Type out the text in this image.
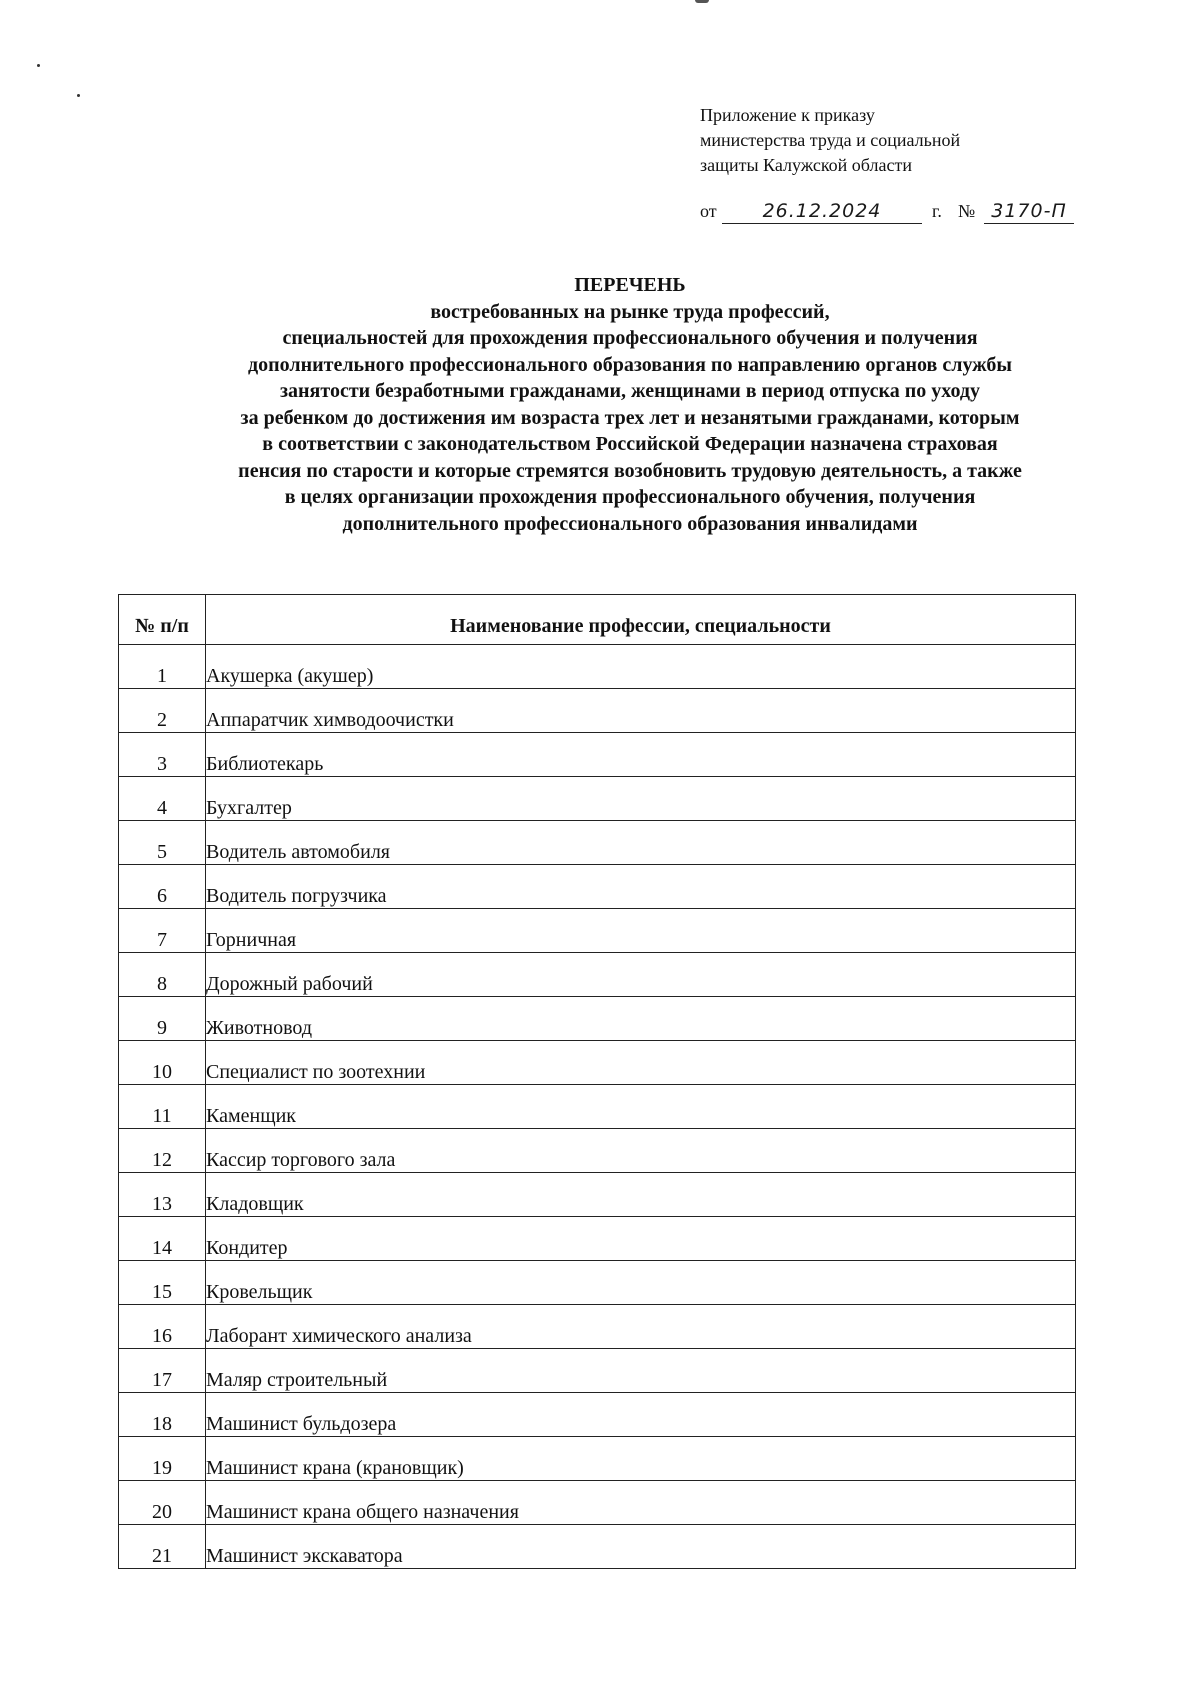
Приложение к приказу
министерства труда и социальной
защиты Калужской области
от	26.12.2024	г. № 3170-П
ПЕРЕЧЕНЬ
востребованных на рынке труда профессий,
специальностей для прохождения профессионального обучения и получения
дополнительного профессионального образования по направлению органов службы
занятости безработными гражданами, женщинами в период отпуска по уходу
за ребенком до достижения им возраста трех лет и незанятыми гражданами, которым
в соответствии с законодательством Российской Федерации назначена страховая
пенсия по старости и которые стремятся возобновить трудовую деятельность, а также
в целях организации прохождения профессионального обучения, получения
дополнительного профессионального образования инвалидами
№ п/п	Наименование профессии, специальности
1	Акушерка (акушер)
2	Аппаратчик химводоочистки
3	Библиотекарь
4	Бухгалтер
5	Водитель автомобиля
6	Водитель погрузчика
7	Горничная
8	Дорожный рабочий
9	Животновод
10	Специалист по зоотехнии
11	Каменщик
12	Кассир торгового зала
13	Кладовщик
14	Кондитер
15	Кровельщик
16	Лаборант химического анализа
17	Маляр строительный
18	Машинист бульдозера
19	Машинист крана (крановщик)
20	Машинист крана общего назначения
21	Машинист экскаватора
